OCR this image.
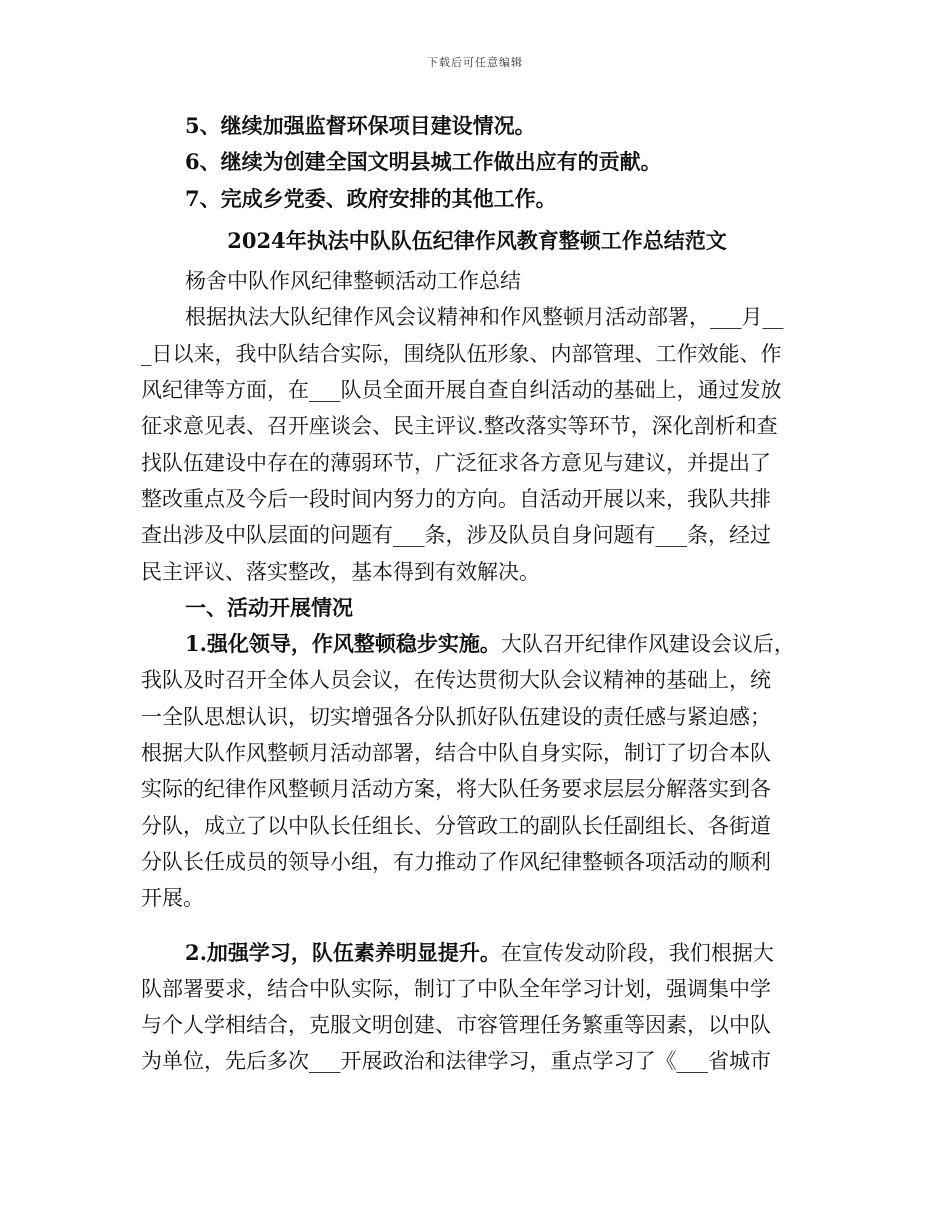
下载后可任意编辑
5、继续加强监督环保项目建设情况。
6、继续为创建全国文明县城工作做出应有的贡献。
7、完成乡党委、政府安排的其他工作。
2024年执法中队队伍纪律作风教育整顿工作总结范文
杨舍中队作风纪律整顿活动工作总结
根据执法大队纪律作风会议精神和作风整顿月活动部署，___月__
_日以来，我中队结合实际，围绕队伍形象、内部管理、工作效能、作
风纪律等方面，在___队员全面开展自查自纠活动的基础上，通过发放
征求意见表、召开座谈会、民主评议.整改落实等环节，深化剖析和查
找队伍建设中存在的薄弱环节，广泛征求各方意见与建议，并提出了
整改重点及今后一段时间内努力的方向。自活动开展以来，我队共排
查出涉及中队层面的问题有___条，涉及队员自身问题有___条，经过
民主评议、落实整改，基本得到有效解决。
一、活动开展情况
1.强化领导，作风整顿稳步实施。大队召开纪律作风建设会议后，
我队及时召开全体人员会议，在传达贯彻大队会议精神的基础上，统
一全队思想认识，切实增强各分队抓好队伍建设的责任感与紧迫感；
根据大队作风整顿月活动部署，结合中队自身实际，制订了切合本队
实际的纪律作风整顿月活动方案，将大队任务要求层层分解落实到各
分队，成立了以中队长任组长、分管政工的副队长任副组长、各街道
分队长任成员的领导小组，有力推动了作风纪律整顿各项活动的顺利
开展。
2.加强学习，队伍素养明显提升。在宣传发动阶段，我们根据大
队部署要求，结合中队实际，制订了中队全年学习计划，强调集中学
与个人学相结合，克服文明创建、市容管理任务繁重等因素，以中队
为单位，先后多次___开展政治和法律学习，重点学习了《___省城市
